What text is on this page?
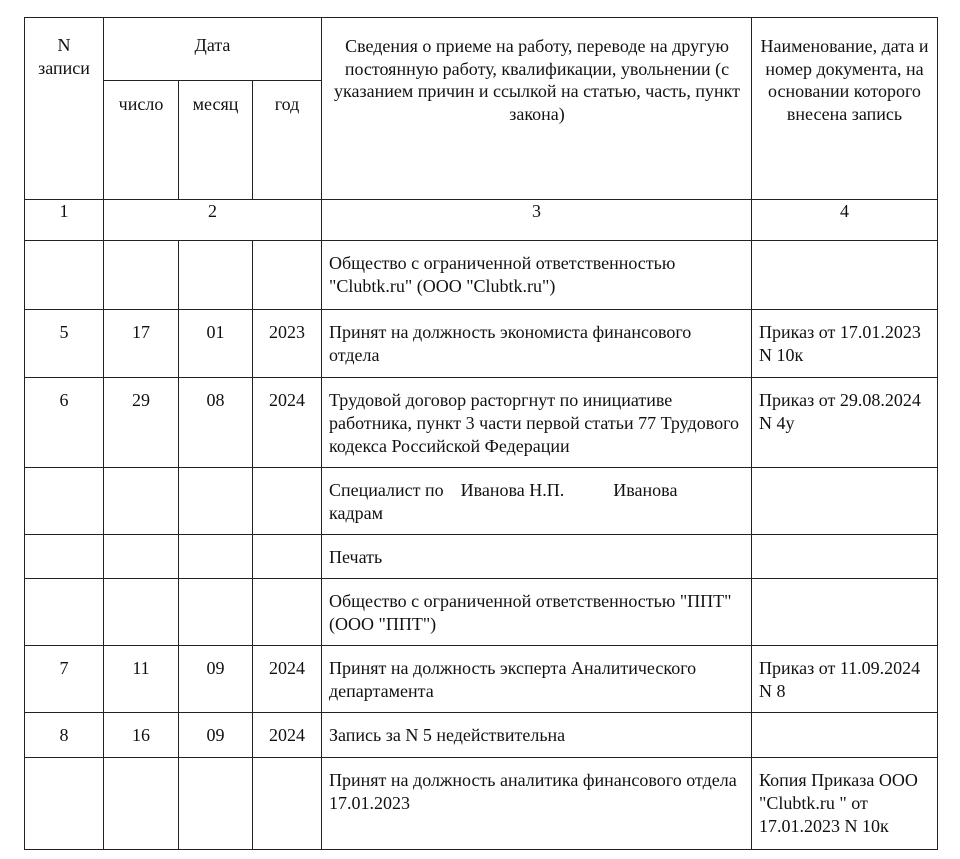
N
записи	Дата			Сведения о приеме на работу, переводе на другую постоянную работу, квалификации, увольнении (с указанием причин и ссылкой на статью, часть, пункт закона)	Наименование, дата и номер документа, на основании которого внесена запись
	число	месяц	год		
1	2			3	4
				Общество с ограниченной ответственностью "Clubtk.ru" (ООО "Clubtk.ru")	
5	17	01	2023	Принят на должность экономиста финансового отдела	Приказ от 17.01.2023 N 10к
6	29	08	2024	Трудовой договор расторгнут по инициативе работника, пункт 3 части первой статьи 77 Трудового кодекса Российской Федерации	Приказ от 29.08.2024 N 4у

				Специалист по Иванова Н.П. Иванова
кадрам	

				Печать	
				Общество с ограниченной ответственностью "ППТ" (ООО "ППТ")	
7	11	09	2024	Принят на должность эксперта Аналитического департамента	Приказ от 11.09.2024 N 8
8	16	09	2024	Запись за N 5 недействительна	
				Принят на должность аналитика финансового отдела 17.01.2023	Копия Приказа ООО "Clubtk.ru " от 17.01.2023 N 10к
